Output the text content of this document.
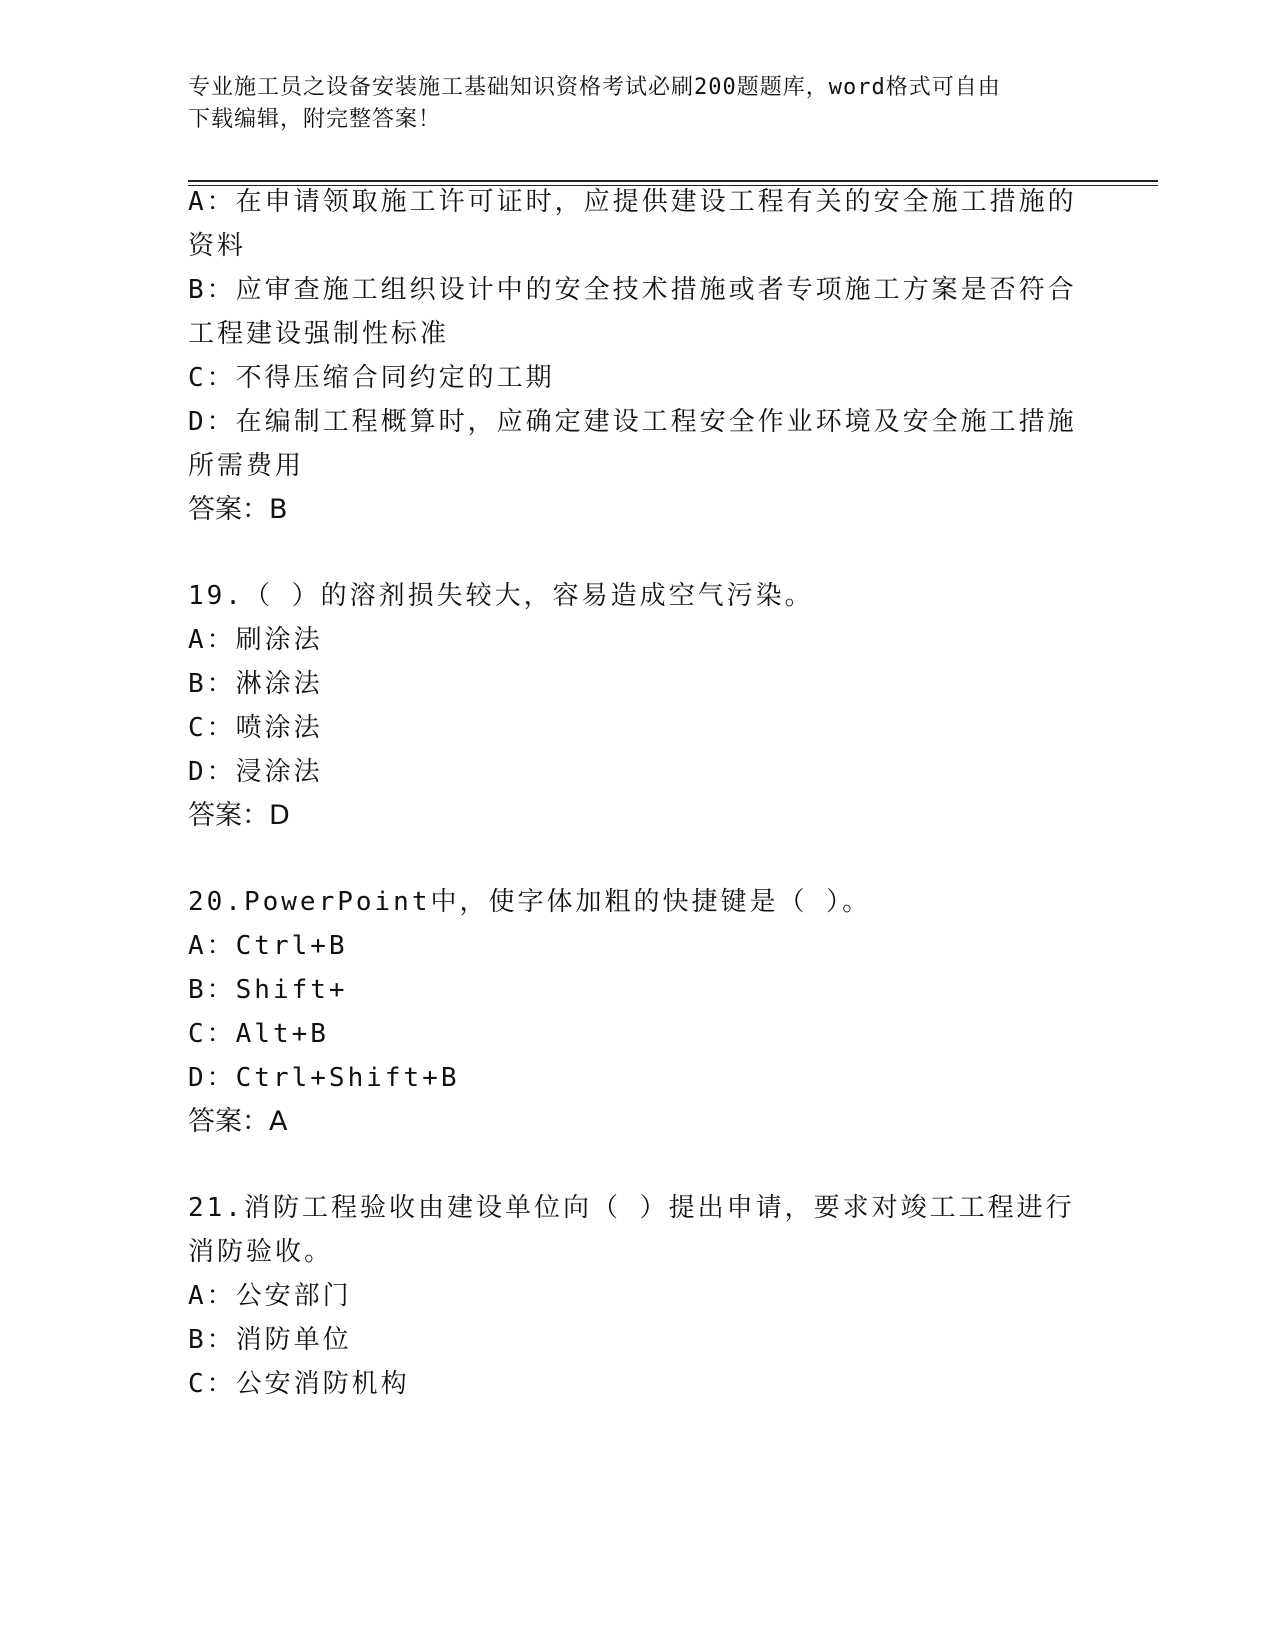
专业施工员之设备安装施工基础知识资格考试必刷200题题库，word格式可自由
下载编辑，附完整答案！
A：在申请领取施工许可证时，应提供建设工程有关的安全施工措施的
资料
B：应审查施工组织设计中的安全技术措施或者专项施工方案是否符合
工程建设强制性标准
C：不得压缩合同约定的工期
D：在编制工程概算时，应确定建设工程安全作业环境及安全施工措施
所需费用
答案：B
19.（ ）的溶剂损失较大，容易造成空气污染。
A：刷涂法
B：淋涂法
C：喷涂法
D：浸涂法
答案：D
20.PowerPoint中，使字体加粗的快捷键是（ ）。
A：Ctrl+B
B：Shift+
C：Alt+B
D：Ctrl+Shift+B
答案：A
21.消防工程验收由建设单位向（ ）提出申请，要求对竣工工程进行
消防验收。
A：公安部门
B：消防单位
C：公安消防机构
